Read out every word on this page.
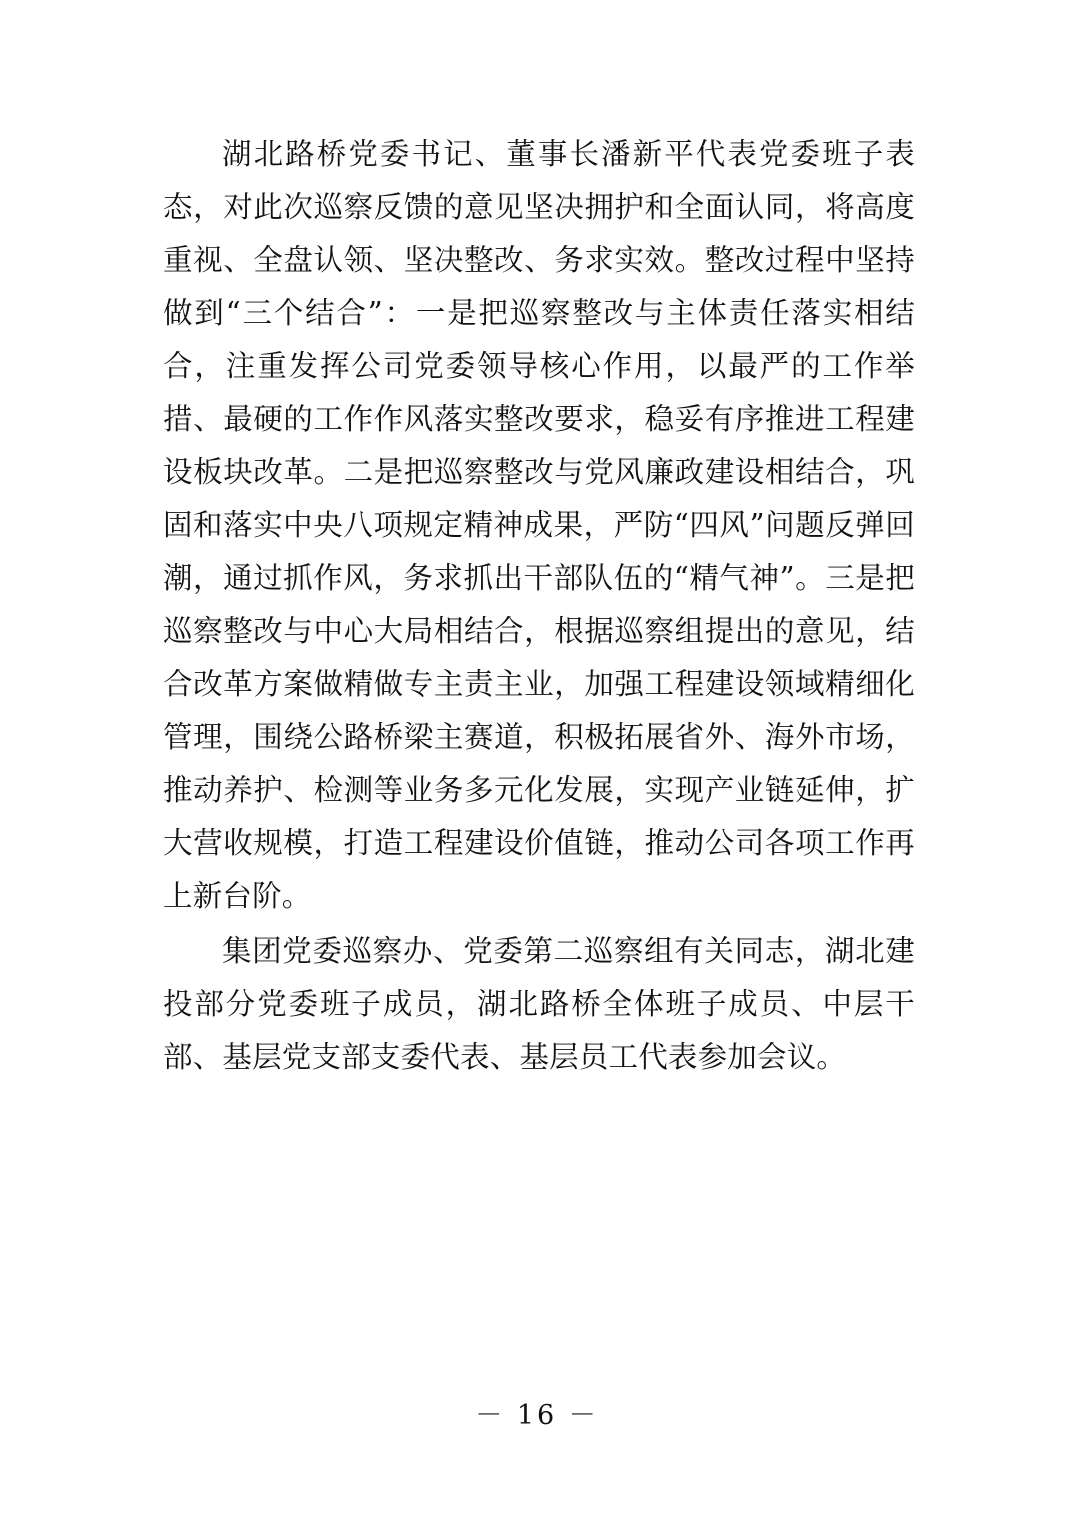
湖北路桥党委书记、董事长潘新平代表党委班子表态，对此次巡察反馈的意见坚决拥护和全面认同，将高度重视、全盘认领、坚决整改、务求实效。整改过程中坚持做到“三个结合”：一是把巡察整改与主体责任落实相结合，注重发挥公司党委领导核心作用，以最严的工作举措、最硬的工作作风落实整改要求，稳妥有序推进工程建设板块改革。二是把巡察整改与党风廉政建设相结合，巩固和落实中央八项规定精神成果，严防“四风”问题反弹回潮，通过抓作风，务求抓出干部队伍的“精气神”。三是把巡察整改与中心大局相结合，根据巡察组提出的意见，结合改革方案做精做专主责主业，加强工程建设领域精细化管理，围绕公路桥梁主赛道，积极拓展省外、海外市场，推动养护、检测等业务多元化发展，实现产业链延伸，扩大营收规模，打造工程建设价值链，推动公司各项工作再上新台阶。

集团党委巡察办、党委第二巡察组有关同志，湖北建投部分党委班子成员，湖北路桥全体班子成员、中层干部、基层党支部支委代表、基层员工代表参加会议。

－ 16 －
